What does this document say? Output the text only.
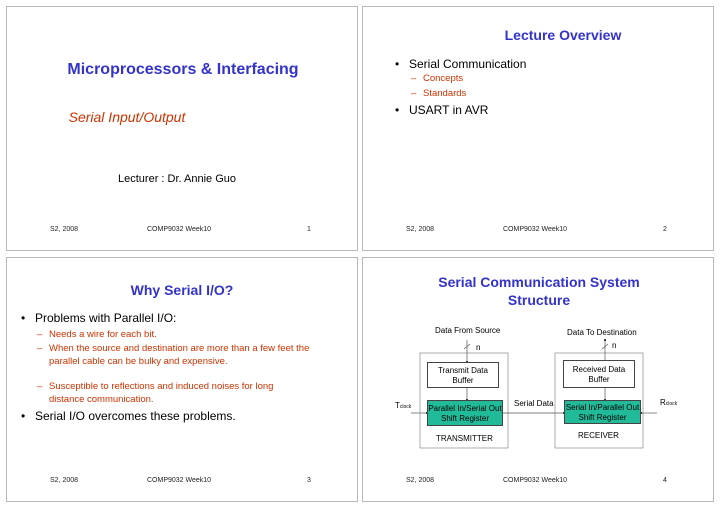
Microprocessors & Interfacing
Serial Input/Output
Lecturer : Dr. Annie Guo
S2, 2008	COMP9032 Week10	1
Lecture Overview
• Serial Communication
– Concepts
– Standards
• USART in AVR
S2, 2008	COMP9032 Week10	2
Why Serial I/O?
• Problems with Parallel I/O:
– Needs a wire for each bit.
– When the source and destination are more than a few feet the parallel cable can be bulky and expensive.
– Susceptible to reflections and induced noises for long distance communication.
• Serial I/O overcomes these problems.
S2, 2008	COMP9032 Week10	3
Serial Communication System
Structure
Data From Source	Data To Destination
n	n
Transmit Data Buffer
Received Data Buffer
Parallel In/Serial Out Shift Register
Serial In/Parallel Out Shift Register
Serial Data
Tclock	Rclock
TRANSMITTER	RECEIVER
S2, 2008	COMP9032 Week10	4
